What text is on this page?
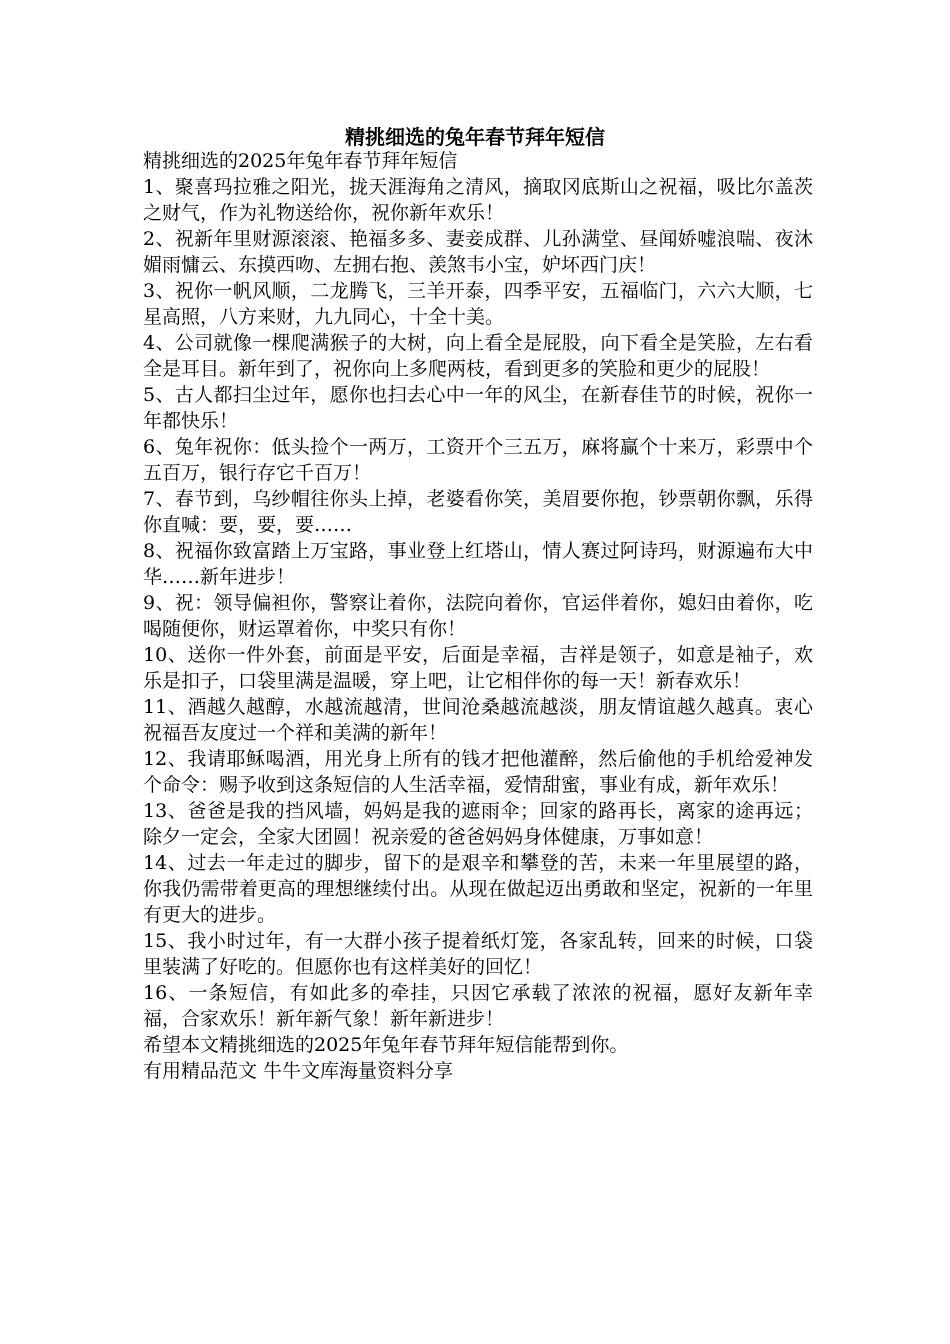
精挑细选的兔年春节拜年短信

精挑细选的2025年兔年春节拜年短信

1、聚喜玛拉雅之阳光，拢天涯海角之清风，摘取冈底斯山之祝福，吸比尔盖茨之财气，作为礼物送给你，祝你新年欢乐！

2、祝新年里财源滚滚、艳福多多、妻妾成群、儿孙满堂、昼闻娇嘘浪喘、夜沐媚雨慵云、东摸西吻、左拥右抱、羡煞韦小宝，妒坏西门庆！

3、祝你一帆风顺，二龙腾飞，三羊开泰，四季平安，五福临门，六六大顺，七星高照，八方来财，九九同心，十全十美。

4、公司就像一棵爬满猴子的大树，向上看全是屁股，向下看全是笑脸，左右看全是耳目。新年到了，祝你向上多爬两枝，看到更多的笑脸和更少的屁股！

5、古人都扫尘过年，愿你也扫去心中一年的风尘，在新春佳节的时候，祝你一年都快乐！

6、兔年祝你：低头捡个一两万，工资开个三五万，麻将赢个十来万，彩票中个五百万，银行存它千百万！

7、春节到，乌纱帽往你头上掉，老婆看你笑，美眉要你抱，钞票朝你飘，乐得你直喊：要，要，要……

8、祝福你致富踏上万宝路，事业登上红塔山，情人赛过阿诗玛，财源遍布大中华……新年进步！

9、祝：领导偏袒你，警察让着你，法院向着你，官运伴着你，媳妇由着你，吃喝随便你，财运罩着你，中奖只有你！

10、送你一件外套，前面是平安，后面是幸福，吉祥是领子，如意是袖子，欢乐是扣子，口袋里满是温暖，穿上吧，让它相伴你的每一天！新春欢乐！

11、酒越久越醇，水越流越清，世间沧桑越流越淡，朋友情谊越久越真。衷心祝福吾友度过一个祥和美满的新年！

12、我请耶稣喝酒，用光身上所有的钱才把他灌醉，然后偷他的手机给爱神发个命令：赐予收到这条短信的人生活幸福，爱情甜蜜，事业有成，新年欢乐！

13、爸爸是我的挡风墙，妈妈是我的遮雨伞；回家的路再长，离家的途再远；除夕一定会，全家大团圆！祝亲爱的爸爸妈妈身体健康，万事如意！

14、过去一年走过的脚步，留下的是艰辛和攀登的苦，未来一年里展望的路，你我仍需带着更高的理想继续付出。从现在做起迈出勇敢和坚定，祝新的一年里有更大的进步。

15、我小时过年，有一大群小孩子提着纸灯笼，各家乱转，回来的时候，口袋里装满了好吃的。但愿你也有这样美好的回忆！

16、一条短信，有如此多的牵挂，只因它承载了浓浓的祝福，愿好友新年幸福，合家欢乐！新年新气象！新年新进步！

希望本文精挑细选的2025年兔年春节拜年短信能帮到你。

有用精品范文 牛牛文库海量资料分享
